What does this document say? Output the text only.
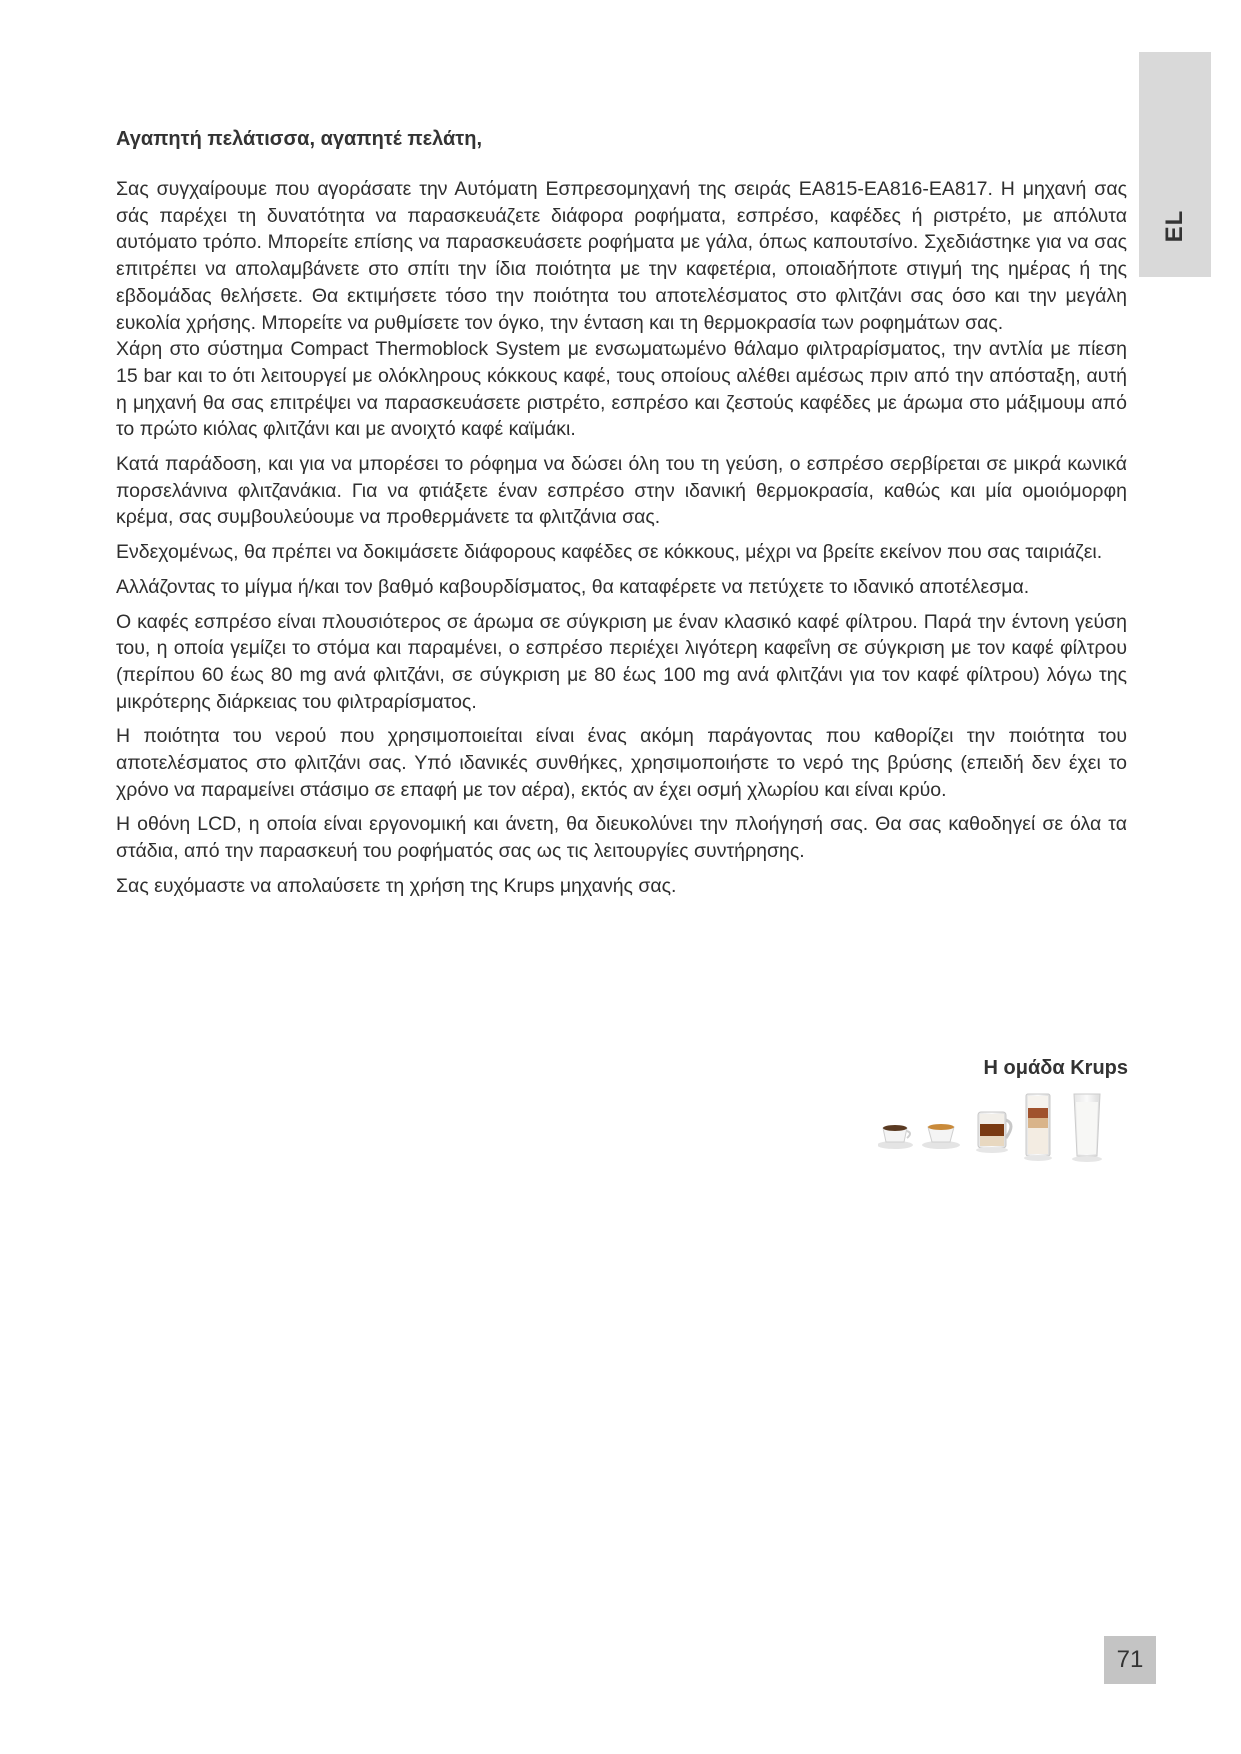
EL

Αγαπητή πελάτισσα, αγαπητέ πελάτη,

Σας συγχαίρουμε που αγοράσατε την Αυτόματη Εσπρεσομηχανή της σειράς EA815-EA816-EA817. Η μηχανή σας σάς παρέχει τη δυνατότητα να παρασκευάζετε διάφορα ροφήματα, εσπρέσο, καφέδες ή ριστρέτο, με απόλυτα αυτόματο τρόπο. Μπορείτε επίσης να παρασκευάσετε ροφήματα με γάλα, όπως καπουτσίνο. Σχεδιάστηκε για να σας επιτρέπει να απολαμβάνετε στο σπίτι την ίδια ποιότητα με την καφετέρια, οποιαδήποτε στιγμή της ημέρας ή της εβδομάδας θελήσετε. Θα εκτιμήσετε τόσο την ποιότητα του αποτελέσματος στο φλιτζάνι σας όσο και την μεγάλη ευκολία χρήσης. Μπορείτε να ρυθμίσετε τον όγκο, την ένταση και τη θερμοκρασία των ροφημάτων σας.

Χάρη στο σύστημα Compact Thermoblock System με ενσωματωμένο θάλαμο φιλτραρίσματος, την αντλία με πίεση 15 bar και το ότι λειτουργεί με ολόκληρους κόκκους καφέ, τους οποίους αλέθει αμέσως πριν από την απόσταξη, αυτή η μηχανή θα σας επιτρέψει να παρασκευάσετε ριστρέτο, εσπρέσο και ζεστούς καφέδες με άρωμα στο μάξιμουμ από το πρώτο κιόλας φλιτζάνι και με ανοιχτό καφέ καϊμάκι.

Κατά παράδοση, και για να μπορέσει το ρόφημα να δώσει όλη του τη γεύση, ο εσπρέσο σερβίρεται σε μικρά κωνικά πορσελάνινα φλιτζανάκια. Για να φτιάξετε έναν εσπρέσο στην ιδανική θερμοκρασία, καθώς και μία ομοιόμορφη κρέμα, σας συμβουλεύουμε να προθερμάνετε τα φλιτζάνια σας.

Ενδεχομένως, θα πρέπει να δοκιμάσετε διάφορους καφέδες σε κόκκους, μέχρι να βρείτε εκείνον που σας ταιριάζει.

Αλλάζοντας το μίγμα ή/και τον βαθμό καβουρδίσματος, θα καταφέρετε να πετύχετε το ιδανικό αποτέλεσμα.

Ο καφές εσπρέσο είναι πλουσιότερος σε άρωμα σε σύγκριση με έναν κλασικό καφέ φίλτρου. Παρά την έντονη γεύση του, η οποία γεμίζει το στόμα και παραμένει, ο εσπρέσο περιέχει λιγότερη καφεΐνη σε σύγκριση με τον καφέ φίλτρου (περίπου 60 έως 80 mg ανά φλιτζάνι, σε σύγκριση με 80 έως 100 mg ανά φλιτζάνι για τον καφέ φίλτρου) λόγω της μικρότερης διάρκειας του φιλτραρίσματος.

Η ποιότητα του νερού που χρησιμοποιείται είναι ένας ακόμη παράγοντας που καθορίζει την ποιότητα του αποτελέσματος στο φλιτζάνι σας. Υπό ιδανικές συνθήκες, χρησιμοποιήστε το νερό της βρύσης (επειδή δεν έχει το χρόνο να παραμείνει στάσιμο σε επαφή με τον αέρα), εκτός αν έχει οσμή χλωρίου και είναι κρύο.

Η οθόνη LCD, η οποία είναι εργονομική και άνετη, θα διευκολύνει την πλοήγησή σας. Θα σας καθοδηγεί σε όλα τα στάδια, από την παρασκευή του ροφήματός σας ως τις λειτουργίες συντήρησης.

Σας ευχόμαστε να απολαύσετε τη χρήση της Krups μηχανής σας.

Η ομάδα Krups
71
